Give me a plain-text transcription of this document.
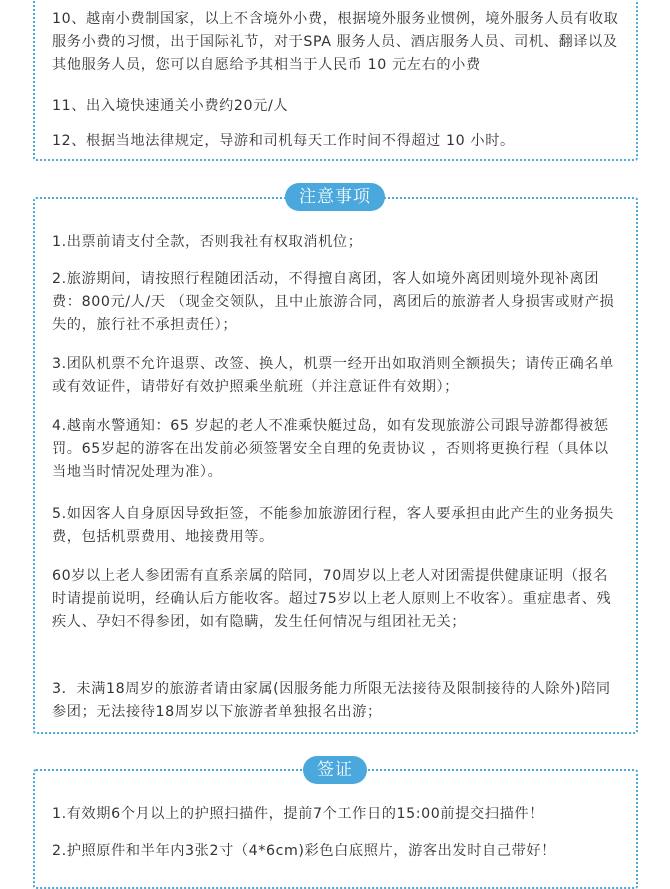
10、越南小费制国家，以上不含境外小费，根据境外服务业惯例，境外服务人员有收取服务小费的习惯，出于国际礼节，对于SPA 服务人员、酒店服务人员、司机、翻译以及其他服务人员，您可以自愿给予其相当于人民币 10 元左右的小费

11、出入境快速通关小费约20元/人

12、根据当地法律规定，导游和司机每天工作时间不得超过 10 小时。

注意事项

1.出票前请支付全款，否则我社有权取消机位；

2.旅游期间，请按照行程随团活动，不得擅自离团，客人如境外离团则境外现补离团费：800元/人/天 （现金交领队，且中止旅游合同，离团后的旅游者人身损害或财产损失的，旅行社不承担责任）；

3.团队机票不允许退票、改签、换人，机票一经开出如取消则全额损失；请传正确名单或有效证件，请带好有效护照乘坐航班（并注意证件有效期）；

4.越南水警通知：65 岁起的老人不准乘快艇过岛，如有发现旅游公司跟导游都得被惩罚。65岁起的游客在出发前必须签署安全自理的免责协议 ，否则将更换行程（具体以当地当时情况处理为准）。

5.如因客人自身原因导致拒签，不能参加旅游团行程，客人要承担由此产生的业务损失费，包括机票费用、地接费用等。

60岁以上老人参团需有直系亲属的陪同，70周岁以上老人对团需提供健康证明（报名时请提前说明，经确认后方能收客。超过75岁以上老人原则上不收客）。重症患者、残疾人、孕妇不得参团，如有隐瞒，发生任何情况与组团社无关；

3．未满18周岁的旅游者请由家属(因服务能力所限无法接待及限制接待的人除外)陪同参团；无法接待18周岁以下旅游者单独报名出游；

签证

1.有效期6个月以上的护照扫描件，提前7个工作日的15:00前提交扫描件！

2.护照原件和半年内3张2寸（4*6cm)彩色白底照片，游客出发时自己带好！
